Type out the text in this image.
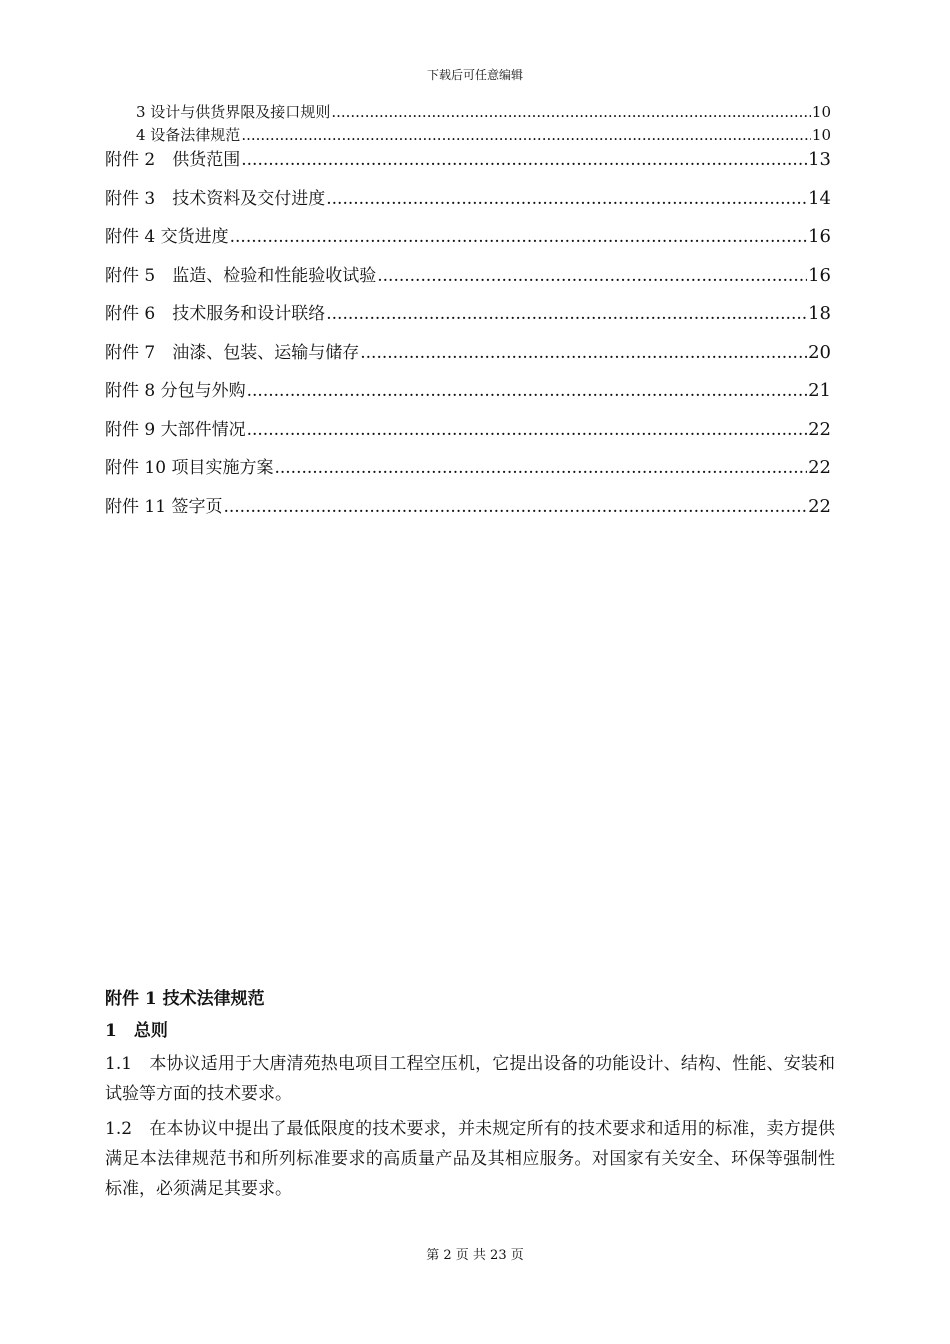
下载后可任意编辑
3 设计与供货界限及接口规则 .....	10
4 设备法律规范 .....	10
附件 2　供货范围 .....	13
附件 3　技术资料及交付进度 .....	14
附件 4 交货进度 .....	16
附件 5　监造、检验和性能验收试验 .....	16
附件 6　技术服务和设计联络 .....	18
附件 7　油漆、包装、运输与储存 .....	20
附件 8 分包与外购 .....	21
附件 9 大部件情况 .....	22
附件 10 项目实施方案 .....	22
附件 11 签字页 .....	22
附件 1 技术法律规范
1　总则
1.1　本协议适用于大唐清苑热电项目工程空压机，它提出设备的功能设计、结构、性能、安装和试验等方面的技术要求。
1.2　在本协议中提出了最低限度的技术要求，并未规定所有的技术要求和适用的标准，卖方提供满足本法律规范书和所列标准要求的高质量产品及其相应服务。对国家有关安全、环保等强制性标准，必须满足其要求。
第 2 页 共 23 页
